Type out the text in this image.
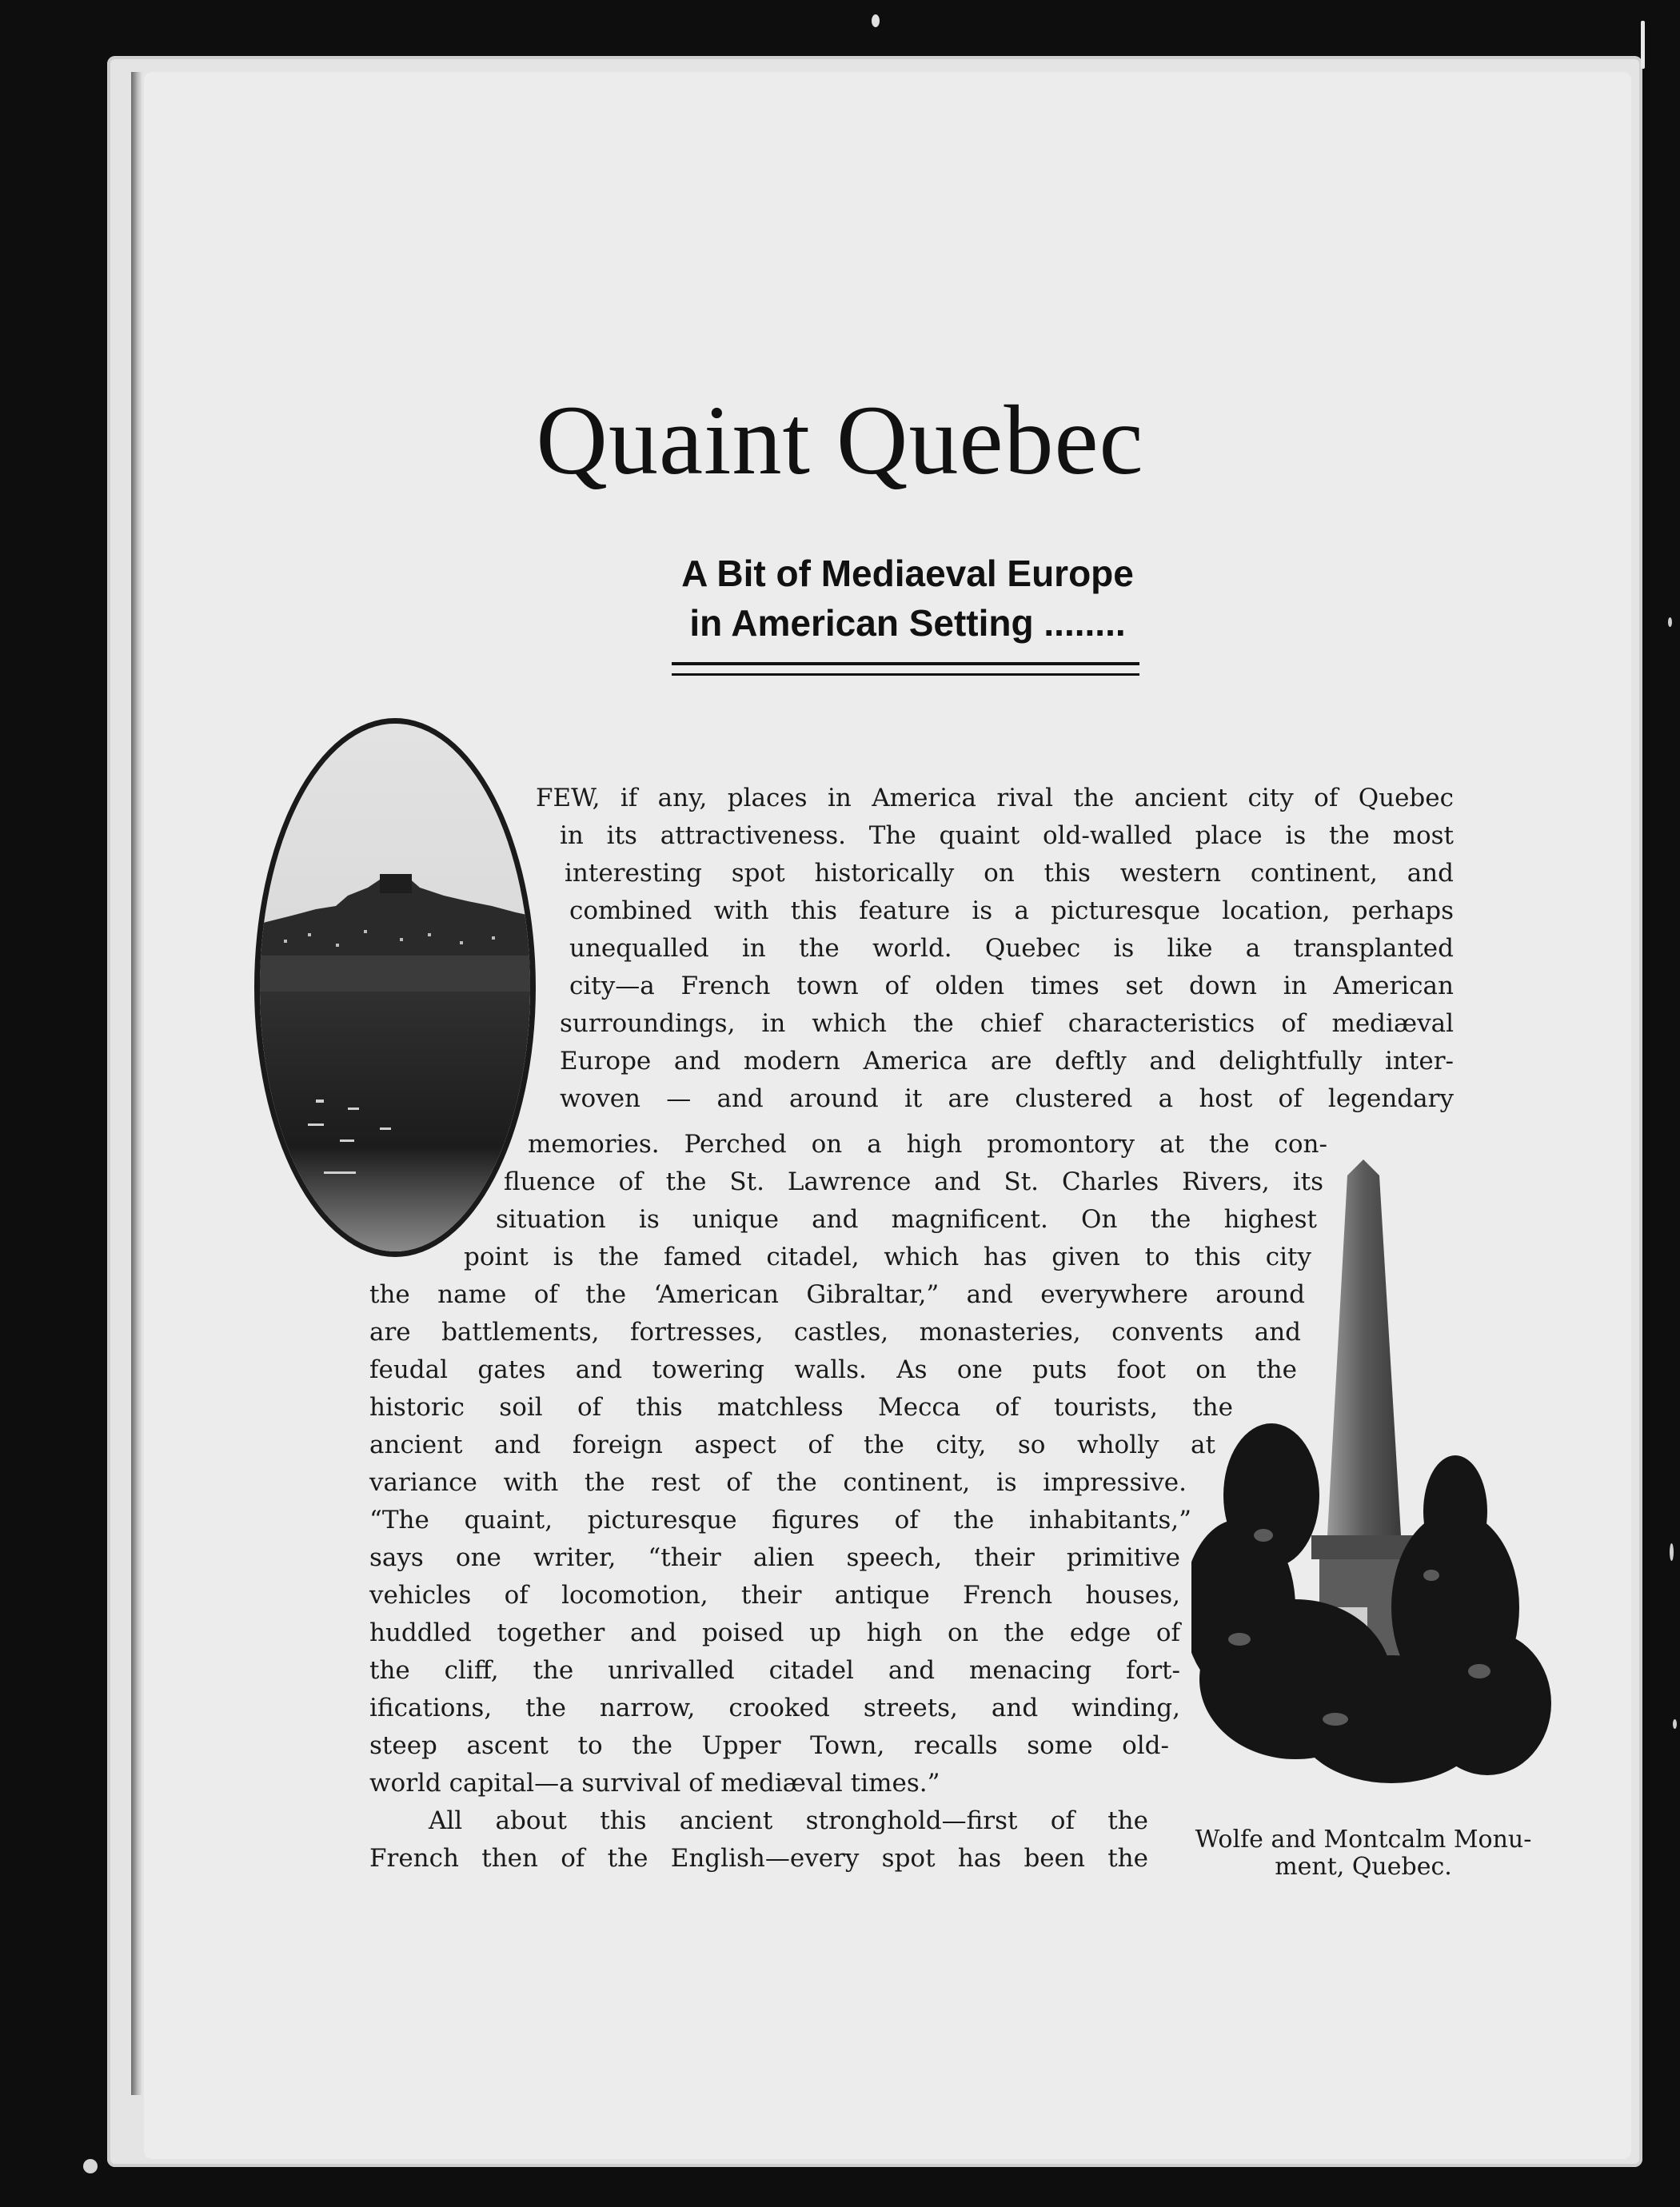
Quaint Quebec
A Bit of Mediaeval Europe
in American Setting ........
FEW, if any, places in America rival the ancient city of Quebec
in its attractiveness. The quaint old-walled place is the most
interesting spot historically on this western continent, and
combined with this feature is a picturesque location, perhaps
unequalled in the world. Quebec is like a transplanted
city—a French town of olden times set down in American
surroundings, in which the chief characteristics of mediæval
Europe and modern America are deftly and delightfully inter-
woven — and around it are clustered a host of legendary
memories. Perched on a high promontory at the con-
fluence of the St. Lawrence and St. Charles Rivers, its
situation is unique and magnificent. On the highest
point is the famed citadel, which has given to this city
the name of the ‘American Gibraltar,” and everywhere around
are battlements, fortresses, castles, monasteries, convents and
feudal gates and towering walls. As one puts foot on the
historic soil of this matchless Mecca of tourists, the
ancient and foreign aspect of the city, so wholly at
variance with the rest of the continent, is impressive.
“The quaint, picturesque figures of the inhabitants,”
says one writer, “their alien speech, their primitive
vehicles of locomotion, their antique French houses,
huddled together and poised up high on the edge of
the cliff, the unrivalled citadel and menacing fort-
ifications, the narrow, crooked streets, and winding,
steep ascent to the Upper Town, recalls some old-
world capital—a survival of mediæval times.”
All about this ancient stronghold—first of the
French then of the English—every spot has been the
Wolfe and Montcalm Monu-
ment, Quebec.
